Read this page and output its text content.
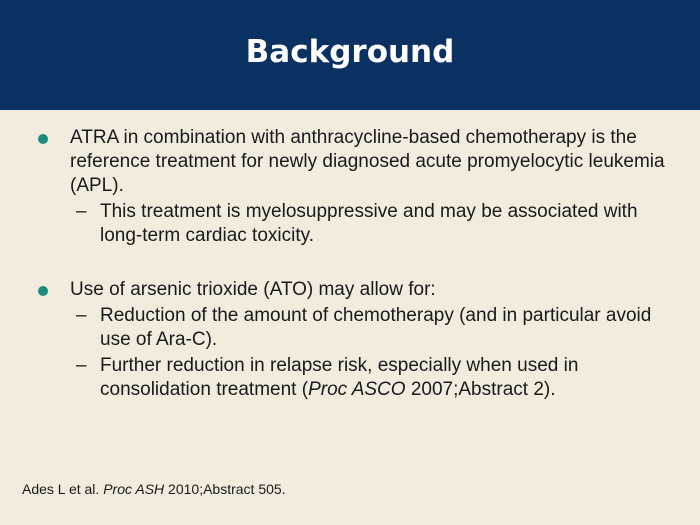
Background
ATRA in combination with anthracycline-based chemotherapy is the reference treatment for newly diagnosed acute promyelocytic leukemia (APL).
– This treatment is myelosuppressive and may be associated with long-term cardiac toxicity.
Use of arsenic trioxide (ATO) may allow for:
– Reduction of the amount of chemotherapy (and in particular avoid use of Ara-C).
– Further reduction in relapse risk, especially when used in consolidation treatment (Proc ASCO 2007;Abstract 2).
Ades L et al. Proc ASH 2010;Abstract 505.
